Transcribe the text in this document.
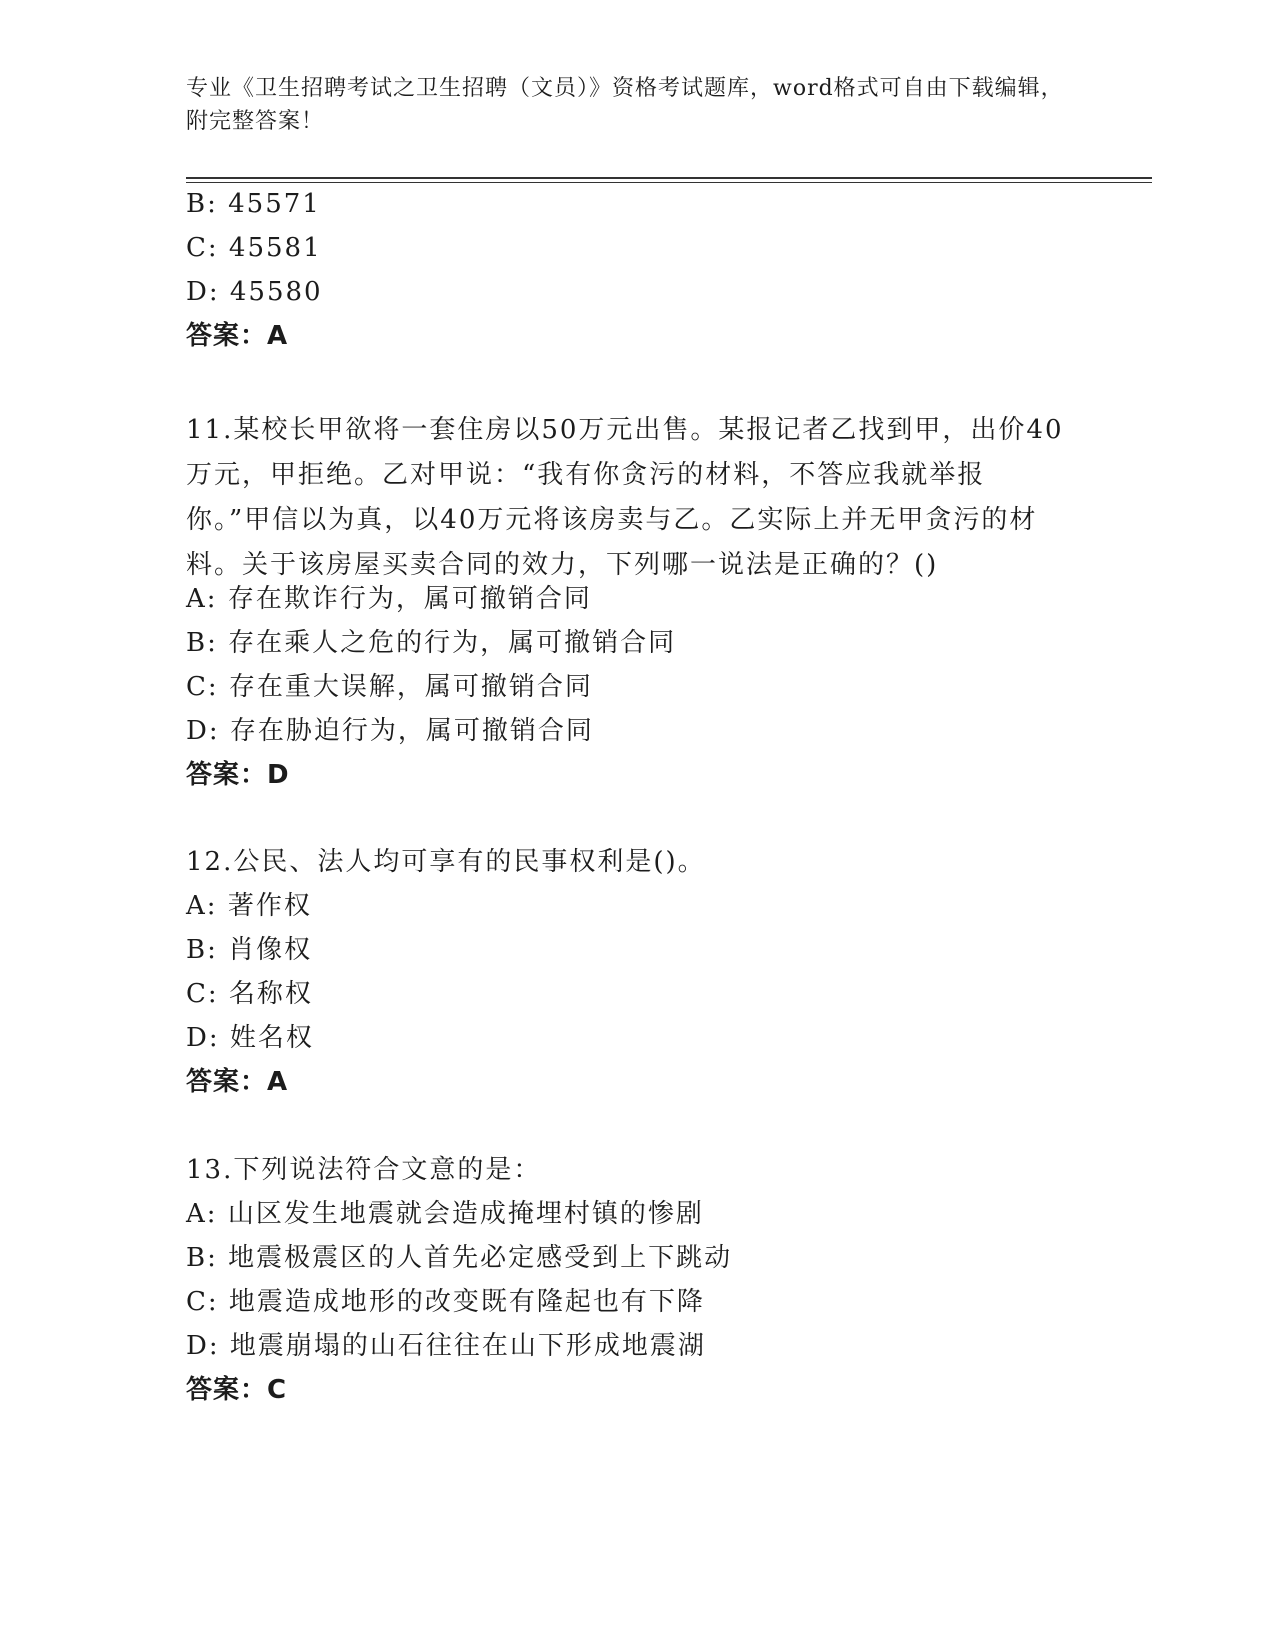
专业《卫生招聘考试之卫生招聘（文员）》资格考试题库，word格式可自由下载编辑，附完整答案！
B: 45571
C: 45581
D: 45580
答案：A
11.某校长甲欲将一套住房以50万元出售。某报记者乙找到甲，出价40万元，甲拒绝。乙对甲说：“我有你贪污的材料，不答应我就举报你。”甲信以为真，以40万元将该房卖与乙。乙实际上并无甲贪污的材料。关于该房屋买卖合同的效力，下列哪一说法是正确的？()
A: 存在欺诈行为，属可撤销合同
B: 存在乘人之危的行为，属可撤销合同
C: 存在重大误解，属可撤销合同
D: 存在胁迫行为，属可撤销合同
答案：D
12.公民、法人均可享有的民事权利是()。
A: 著作权
B: 肖像权
C: 名称权
D: 姓名权
答案：A
13.下列说法符合文意的是：
A: 山区发生地震就会造成掩埋村镇的惨剧
B: 地震极震区的人首先必定感受到上下跳动
C: 地震造成地形的改变既有隆起也有下降
D: 地震崩塌的山石往往在山下形成地震湖
答案：C
